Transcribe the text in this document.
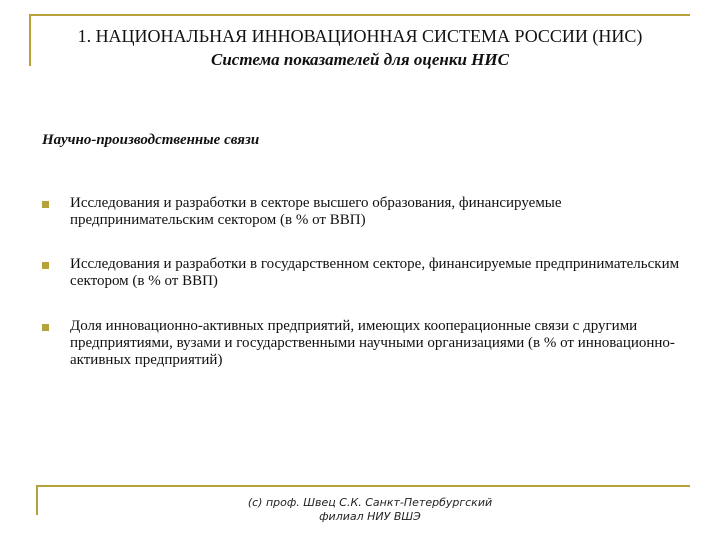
1. НАЦИОНАЛЬНАЯ ИННОВАЦИОННАЯ СИСТЕМА РОССИИ (НИС)
Система показателей для оценки НИС
Научно-производственные связи
Исследования и разработки в секторе высшего образования, финансируемые предпринимательским сектором (в % от ВВП)
Исследования и разработки в государственном секторе, финансируемые предпринимательским сектором (в % от ВВП)
Доля инновационно-активных предприятий, имеющих кооперационные связи с другими предприятиями, вузами и государственными научными организациями (в % от инновационно-активных предприятий)
(c) проф. Швец С.К. Санкт-Петербургский
филиал НИУ ВШЭ
